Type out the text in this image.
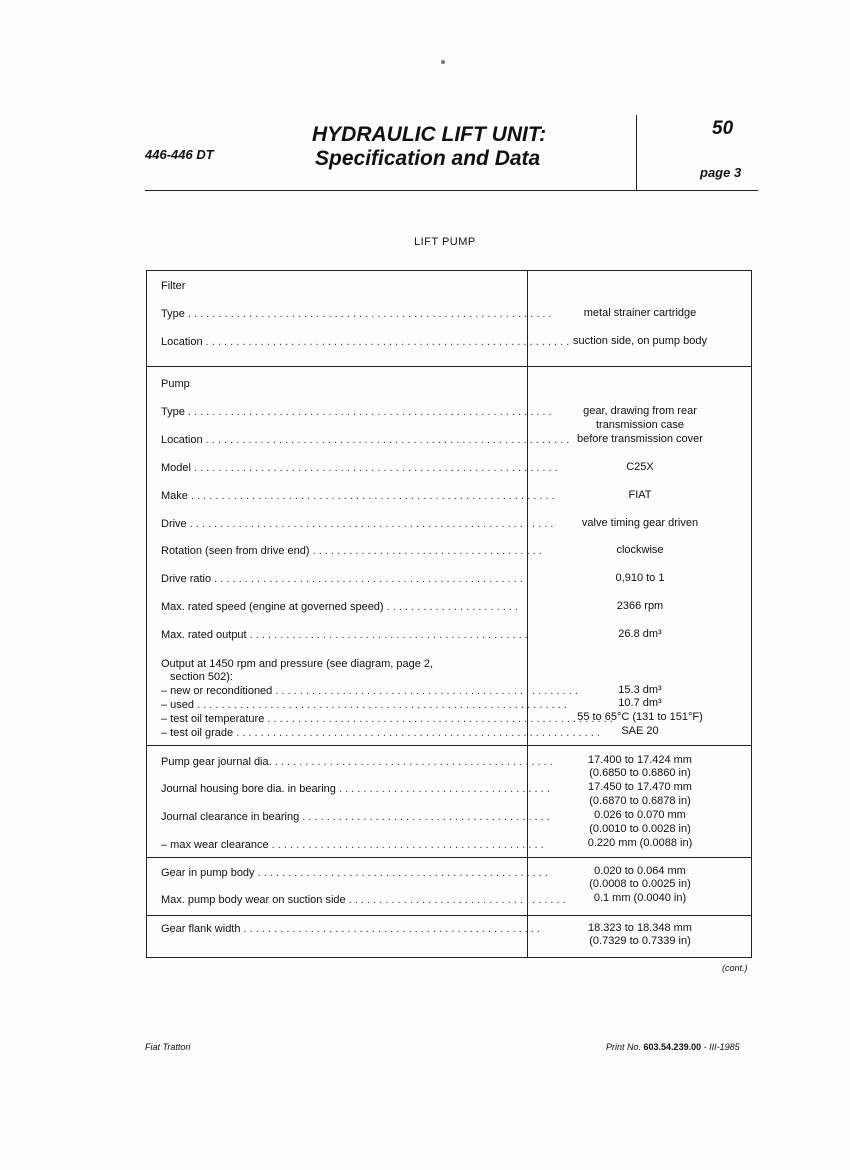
446-446 DT
HYDRAULIC LIFT UNIT:
Specification and Data
50
page 3
LIFT PUMP
Filter
Type . . . . . . . . . . . . . . . . . . . . . . . . . . . . . . . . . . . . . . . . . . . . . . . . . . . . . . . . . . . .	metal strainer cartridge
Location . . . . . . . . . . . . . . . . . . . . . . . . . . . . . . . . . . . . . . . . . . . . . . . . . . . . . . . . . . . . suction side, on pump body
Pump
Type . . . . . . . . . . . . . . . . . . . . . . . . . . . . . . . . . . . . . . . . . . . . . . . . . . . . . . . . . . . .	gear, drawing from rear
transmission case
Location . . . . . . . . . . . . . . . . . . . . . . . . . . . . . . . . . . . . . . . . . . . . . . . . . . . . . . . . . . . . before transmission cover
Model . . . . . . . . . . . . . . . . . . . . . . . . . . . . . . . . . . . . . . . . . . . . . . . . . . . . . . . . . . . .	C25X
Make . . . . . . . . . . . . . . . . . . . . . . . . . . . . . . . . . . . . . . . . . . . . . . . . . . . . . . . . . . . .	FIAT
Drive . . . . . . . . . . . . . . . . . . . . . . . . . . . . . . . . . . . . . . . . . . . . . . . . . . . . . . . . . . . .	valve timing gear driven
Rotation (seen from drive end) . . . . . . . . . . . . . . . . . . . . . . . . . . . . . . . . . . . . . .	clockwise
Drive ratio . . . . . . . . . . . . . . . . . . . . . . . . . . . . . . . . . . . . . . . . . . . . . . . . . . .	0,910 to 1
Max. rated speed (engine at governed speed) . . . . . . . . . . . . . . . . . . . . . .	2366 rpm
Max. rated output . . . . . . . . . . . . . . . . . . . . . . . . . . . . . . . . . . . . . . . . . . . . . .	26.8 dm³
Output at 1450 rpm and pressure (see diagram, page 2,
section 502):
– new or reconditioned . . . . . . . . . . . . . . . . . . . . . . . . . . . . . . . . . . . . . . . . . . . . . . . . . .	15.3 dm³
– used . . . . . . . . . . . . . . . . . . . . . . . . . . . . . . . . . . . . . . . . . . . . . . . . . . . . . . . . . . . . .	10.7 dm³
– test oil temperature . . . . . . . . . . . . . . . . . . . . . . . . . . . . . . . . . . . . . . . . . . . . . . . . . . . . . . . . .
55 to 65°C (131 to 151°F)
– test oil grade . . . . . . . . . . . . . . . . . . . . . . . . . . . . . . . . . . . . . . . . . . . . . . . . . . . . . . . . . . . .	SAE 20
Pump gear journal dia. . . . . . . . . . . . . . . . . . . . . . . . . . . . . . . . . . . . . . . . . . . . . . .	17.400 to 17.424 mm
(0.6850 to 0.6860 in)
Journal housing bore dia. in bearing . . . . . . . . . . . . . . . . . . . . . . . . . . . . . . . . . . .	17.450 to 17.470 mm
(0.6870 to 0.6878 in)
Journal clearance in bearing . . . . . . . . . . . . . . . . . . . . . . . . . . . . . . . . . . . . . . . . .	0.026 to 0.070 mm
(0.0010 to 0.0028 in)
– max wear clearance . . . . . . . . . . . . . . . . . . . . . . . . . . . . . . . . . . . . . . . . . . . . .	0.220 mm (0.0088 in)
Gear in pump body . . . . . . . . . . . . . . . . . . . . . . . . . . . . . . . . . . . . . . . . . . . . . . . .	0.020 to 0.064 mm
(0.0008 to 0.0025 in)
Max. pump body wear on suction side . . . . . . . . . . . . . . . . . . . . . . . . . . . . . . . . . . . .	0.1 mm (0.0040 in)
Gear flank width . . . . . . . . . . . . . . . . . . . . . . . . . . . . . . . . . . . . . . . . . . . . . . . . .	18.323 to 18.348 mm
(0.7329 to 0.7339 in)
(cont.)
Fiat Trattori	Print No. 603.54.239.00 - III-1985
